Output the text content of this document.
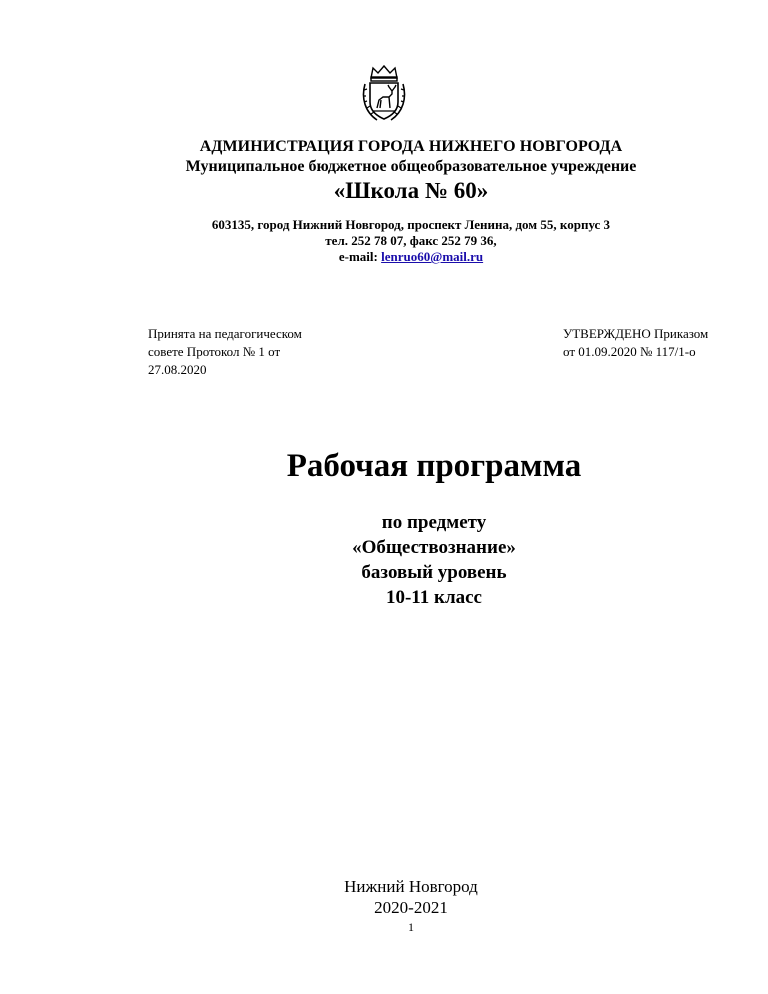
АДМИНИСТРАЦИЯ ГОРОДА НИЖНЕГО НОВГОРОДА
Муниципальное бюджетное общеобразовательное учреждение
«Школа № 60»
603135, город Нижний Новгород, проспект Ленина, дом 55, корпус 3
тел. 252 78 07, факс 252 79 36,
e-mail: lenruo60@mail.ru
Принята на педагогическом
совете Протокол № 1 от
27.08.2020
УТВЕРЖДЕНО Приказом
от 01.09.2020 № 117/1-о
Рабочая программа
по предмету
«Обществознание»
базовый уровень
10-11 класс
Нижний Новгород
2020-2021
1
